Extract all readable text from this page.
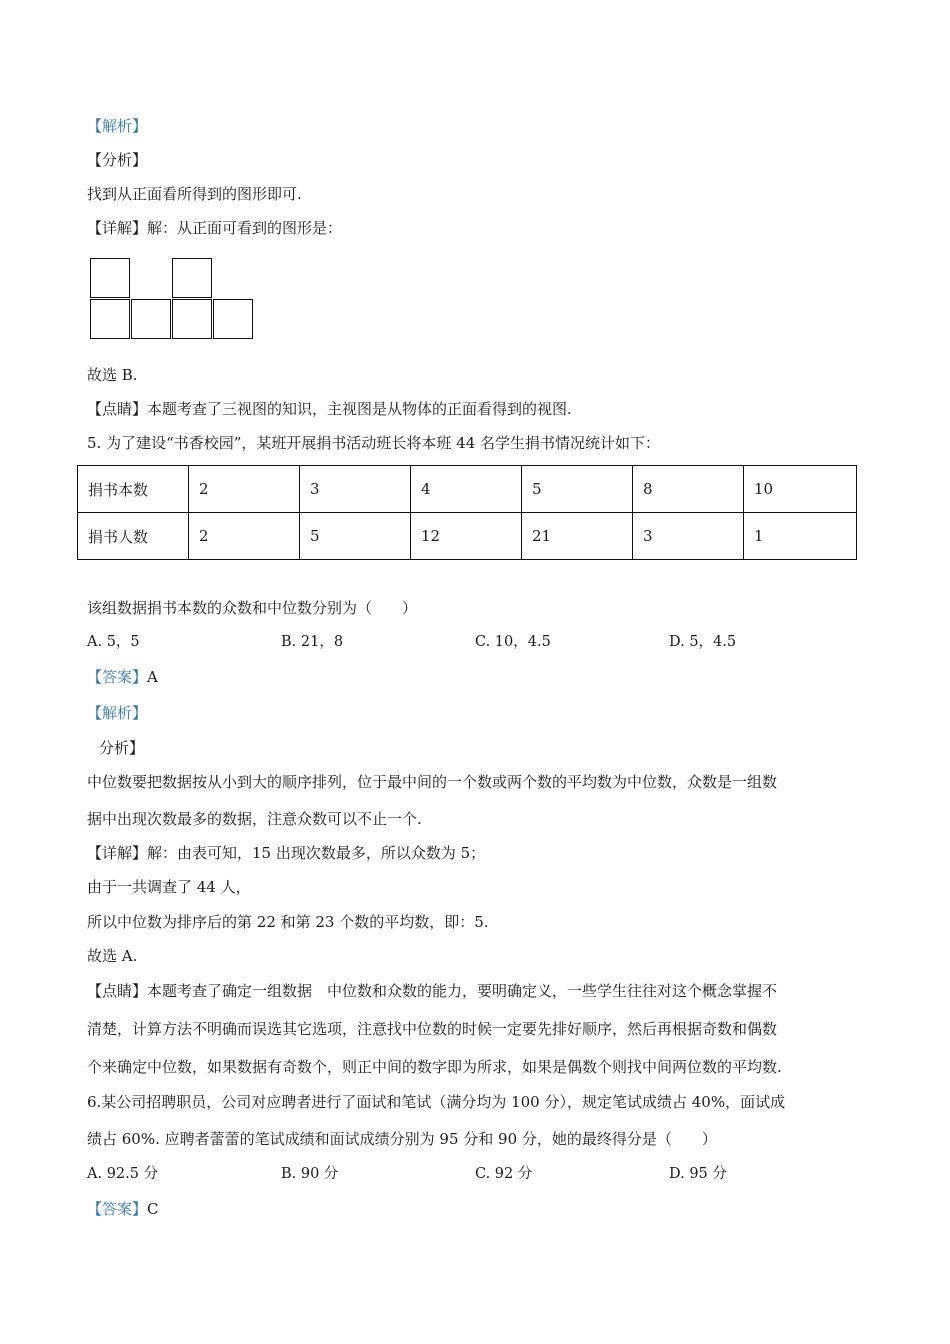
【解析】
【分析】
找到从正面看所得到的图形即可.
【详解】解：从正面可看到的图形是：
故选 B.
【点睛】本题考查了三视图的知识，主视图是从物体的正面看得到的视图.
5. 为了建设“书香校园”，某班开展捐书活动班长将本班 44 名学生捐书情况统计如下：
捐书本数	2	3	4	5	8	10
捐书人数	2	5	12	21	3	1
该组数据捐书本数的众数和中位数分别为（　　）
A. 5，5	B. 21，8	C. 10，4.5	D. 5，4.5
【答案】A
【解析】
分析】
中位数要把数据按从小到大的顺序排列，位于最中间的一个数或两个数的平均数为中位数，众数是一组数
据中出现次数最多的数据，注意众数可以不止一个.
【详解】解：由表可知，15 出现次数最多，所以众数为 5；
由于一共调查了 44 人，
所以中位数为排序后的第 22 和第 23 个数的平均数，即：5.
故选 A.
【点睛】本题考查了确定一组数据　中位数和众数的能力，要明确定义，一些学生往往对这个概念掌握不
清楚，计算方法不明确而误选其它选项，注意找中位数的时候一定要先排好顺序，然后再根据奇数和偶数
个来确定中位数，如果数据有奇数个，则正中间的数字即为所求，如果是偶数个则找中间两位数的平均数.
6.某公司招聘职员，公司对应聘者进行了面试和笔试（满分均为 100 分），规定笔试成绩占 40%，面试成
绩占 60%. 应聘者蕾蕾的笔试成绩和面试成绩分别为 95 分和 90 分，她的最终得分是（　　）
A. 92.5 分	B. 90 分	C. 92 分	D. 95 分
【答案】C
